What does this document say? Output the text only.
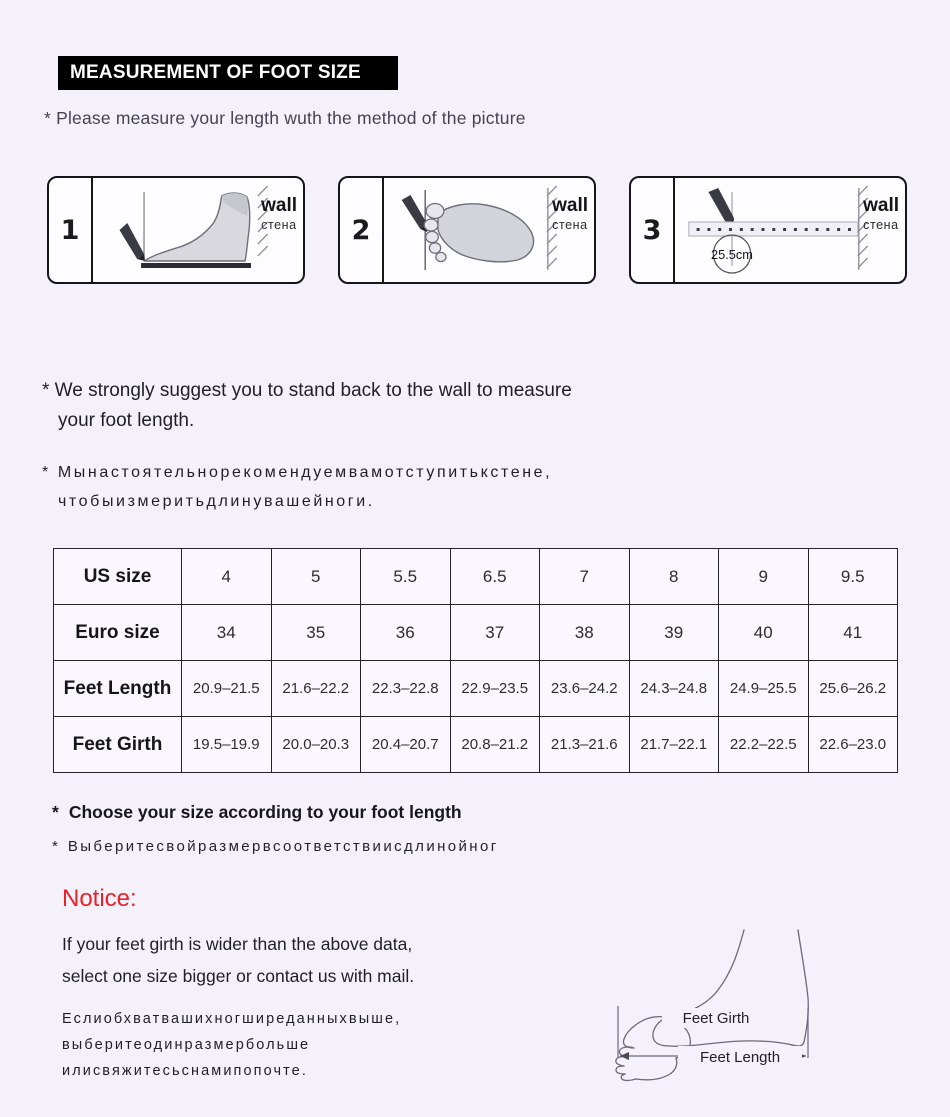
MEASUREMENT OF FOOT SIZE
* Please measure your length wuth the method of the picture
1
wall
стена	2
wall
стена	3
25.5cm
wall
стена
* We strongly suggest you to stand back to the wall to measure
your foot length.
* Мынастоятельнорекомендуемвамотступитькстене,
чтобыизмеритьдлинувашейноги.
US size	4	5	5.5	6.5	7	8	9	9.5
Euro size	34	35	36	37	38	39	40	41
Feet Length	20.9–21.5	21.6–22.2	22.3–22.8	22.9–23.5	23.6–24.2	24.3–24.8	24.9–25.5	25.6–26.2
Feet Girth	19.5–19.9	20.0–20.3	20.4–20.7	20.8–21.2	21.3–21.6	21.7–22.1	22.2–22.5	22.6–23.0
* Choose your size according to your foot length
* Выберитесвойразмервсоответствиисдлинойног
Notice:
If your feet girth is wider than the above data,
select one size bigger or contact us with mail.
Еслиобхватвашихногширеданныхвыше,
выберитеодинразмербольше
илисвяжитесьснамипопочте.
Feet Girth
Feet Length
